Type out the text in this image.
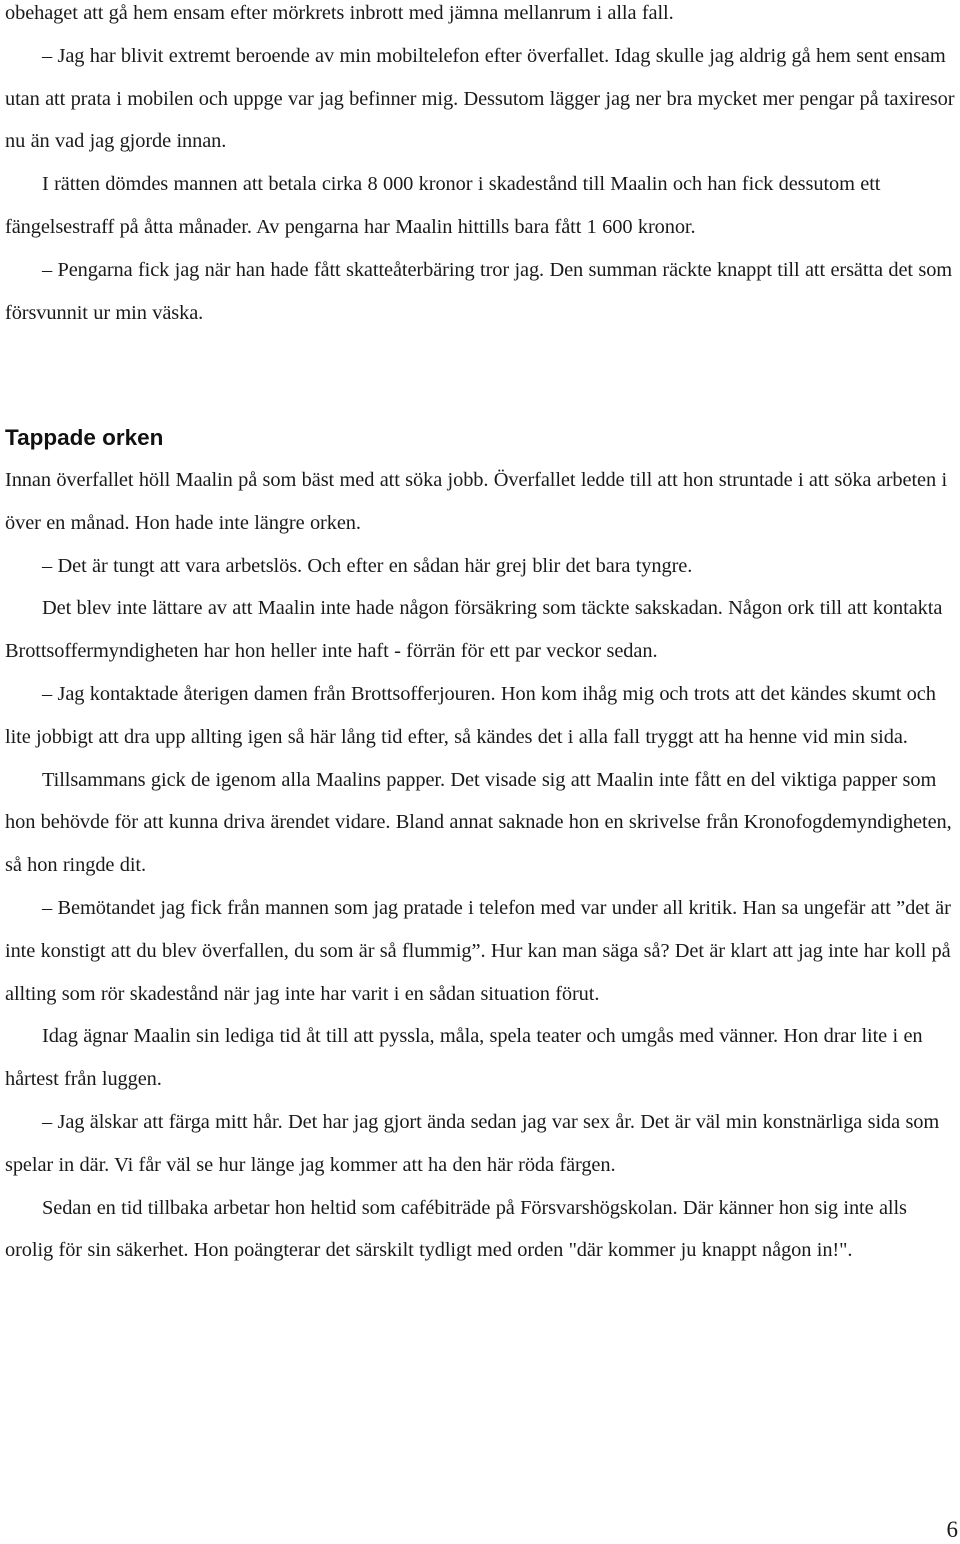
obehaget att gå hem ensam efter mörkrets inbrott med jämna mellanrum i alla fall.

– Jag har blivit extremt beroende av min mobiltelefon efter överfallet. Idag skulle jag aldrig gå hem sent ensam utan att prata i mobilen och uppge var jag befinner mig. Dessutom lägger jag ner bra mycket mer pengar på taxiresor nu än vad jag gjorde innan.

I rätten dömdes mannen att betala cirka 8 000 kronor i skadestånd till Maalin och han fick dessutom ett fängelsestraff på åtta månader. Av pengarna har Maalin hittills bara fått 1 600 kronor.

– Pengarna fick jag när han hade fått skatteåterbäring tror jag. Den summan räckte knappt till att ersätta det som försvunnit ur min väska.

Tappade orken

Innan överfallet höll Maalin på som bäst med att söka jobb. Överfallet ledde till att hon struntade i att söka arbeten i över en månad. Hon hade inte längre orken.

– Det är tungt att vara arbetslös. Och efter en sådan här grej blir det bara tyngre.

Det blev inte lättare av att Maalin inte hade någon försäkring som täckte sakskadan. Någon ork till att kontakta Brottsoffermyndigheten har hon heller inte haft - förrän för ett par veckor sedan.

– Jag kontaktade återigen damen från Brottsofferjouren. Hon kom ihåg mig och trots att det kändes skumt och lite jobbigt att dra upp allting igen så här lång tid efter, så kändes det i alla fall tryggt att ha henne vid min sida.

Tillsammans gick de igenom alla Maalins papper. Det visade sig att Maalin inte fått en del viktiga papper som hon behövde för att kunna driva ärendet vidare. Bland annat saknade hon en skrivelse från Kronofogdemyndigheten, så hon ringde dit.

– Bemötandet jag fick från mannen som jag pratade i telefon med var under all kritik. Han sa ungefär att ”det är inte konstigt att du blev överfallen, du som är så flummig”. Hur kan man säga så? Det är klart att jag inte har koll på allting som rör skadestånd när jag inte har varit i en sådan situation förut.

Idag ägnar Maalin sin lediga tid åt till att pyssla, måla, spela teater och umgås med vänner. Hon drar lite i en hårtest från luggen.

– Jag älskar att färga mitt hår. Det har jag gjort ända sedan jag var sex år. Det är väl min konstnärliga sida som spelar in där. Vi får väl se hur länge jag kommer att ha den här röda färgen.

Sedan en tid tillbaka arbetar hon heltid som cafébiträde på Försvarshögskolan. Där känner hon sig inte alls orolig för sin säkerhet. Hon poängterar det särskilt tydligt med orden "där kommer ju knappt någon in!".

6
